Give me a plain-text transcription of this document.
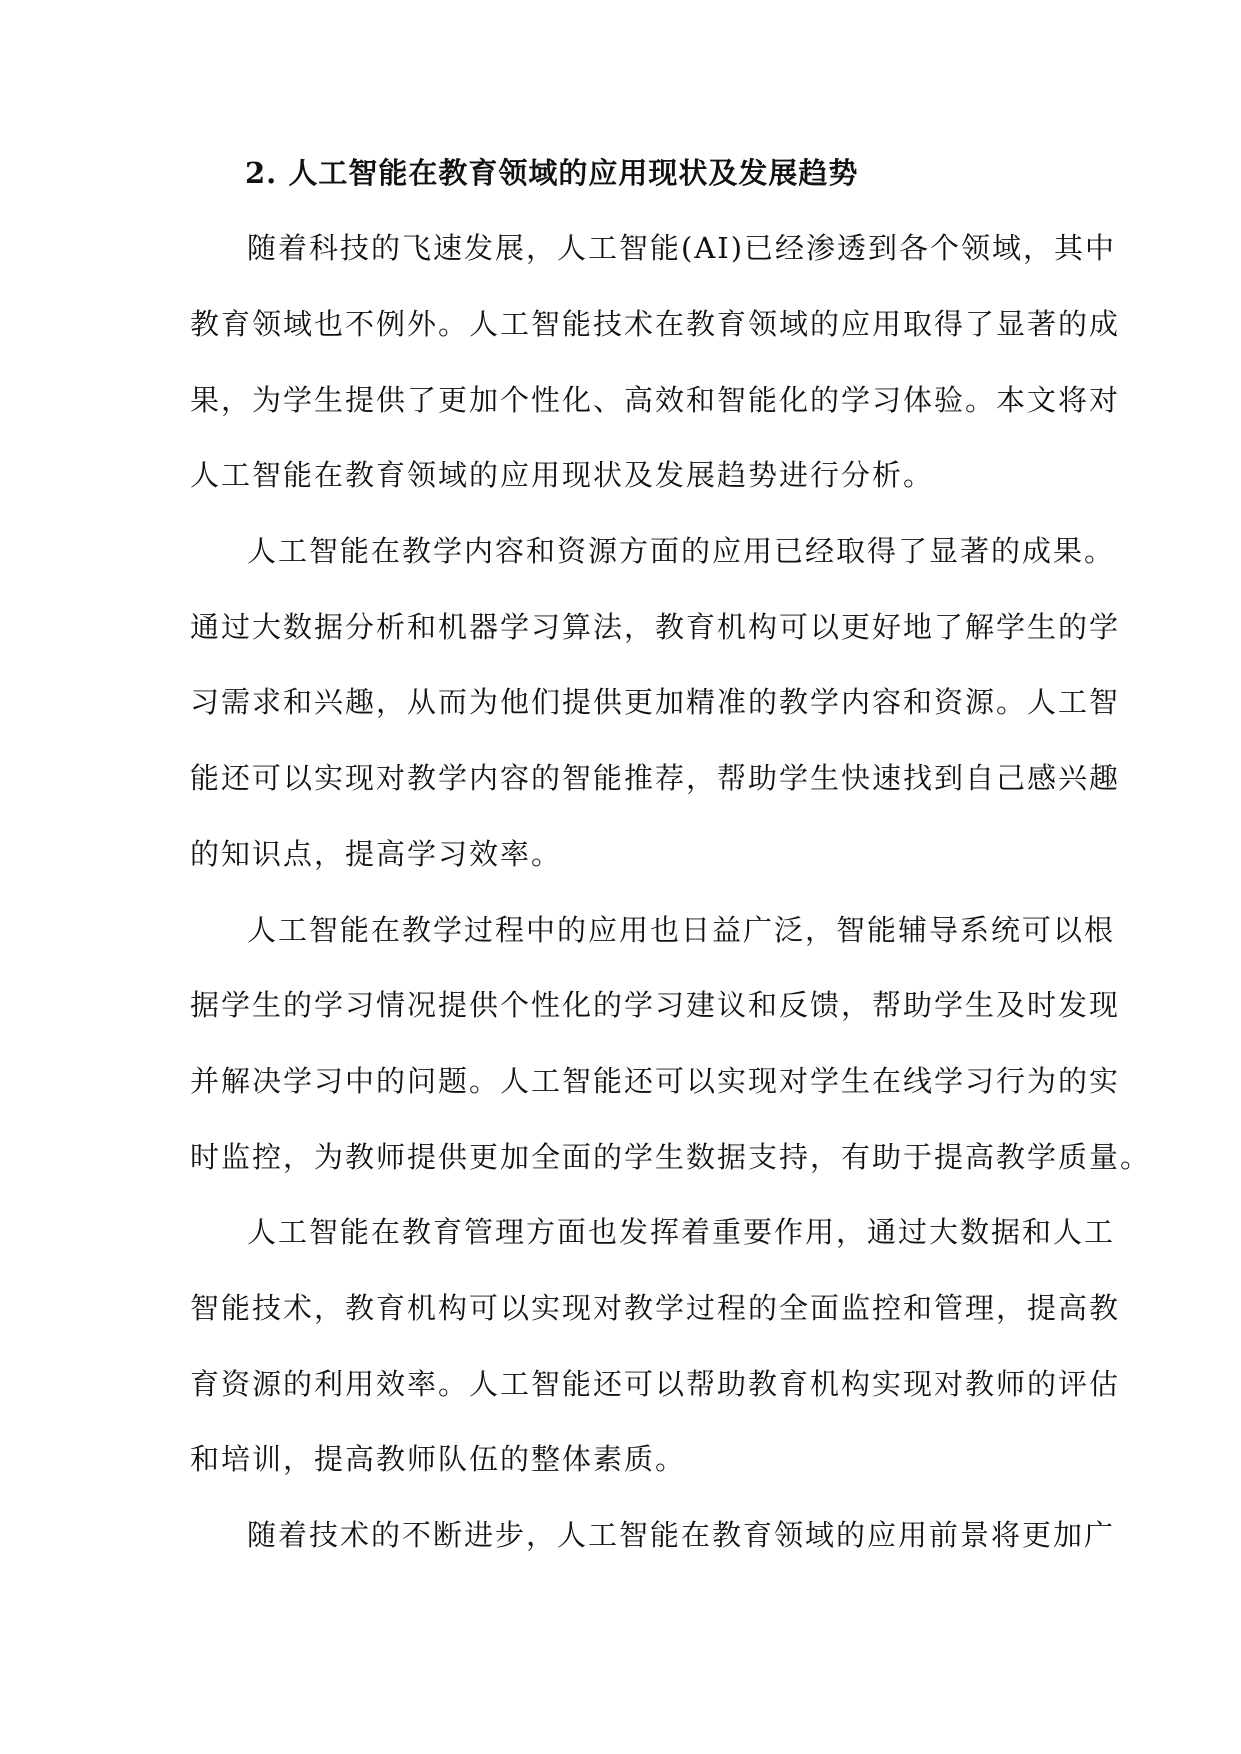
2. 人工智能在教育领域的应用现状及发展趋势

随着科技的飞速发展，人工智能(AI)已经渗透到各个领域，其中

教育领域也不例外。人工智能技术在教育领域的应用取得了显著的成

果，为学生提供了更加个性化、高效和智能化的学习体验。本文将对

人工智能在教育领域的应用现状及发展趋势进行分析。

人工智能在教学内容和资源方面的应用已经取得了显著的成果。

通过大数据分析和机器学习算法，教育机构可以更好地了解学生的学

习需求和兴趣，从而为他们提供更加精准的教学内容和资源。人工智

能还可以实现对教学内容的智能推荐，帮助学生快速找到自己感兴趣

的知识点，提高学习效率。

人工智能在教学过程中的应用也日益广泛，智能辅导系统可以根

据学生的学习情况提供个性化的学习建议和反馈，帮助学生及时发现

并解决学习中的问题。人工智能还可以实现对学生在线学习行为的实

时监控，为教师提供更加全面的学生数据支持，有助于提高教学质量。

人工智能在教育管理方面也发挥着重要作用，通过大数据和人工

智能技术，教育机构可以实现对教学过程的全面监控和管理，提高教

育资源的利用效率。人工智能还可以帮助教育机构实现对教师的评估

和培训，提高教师队伍的整体素质。

随着技术的不断进步，人工智能在教育领域的应用前景将更加广
